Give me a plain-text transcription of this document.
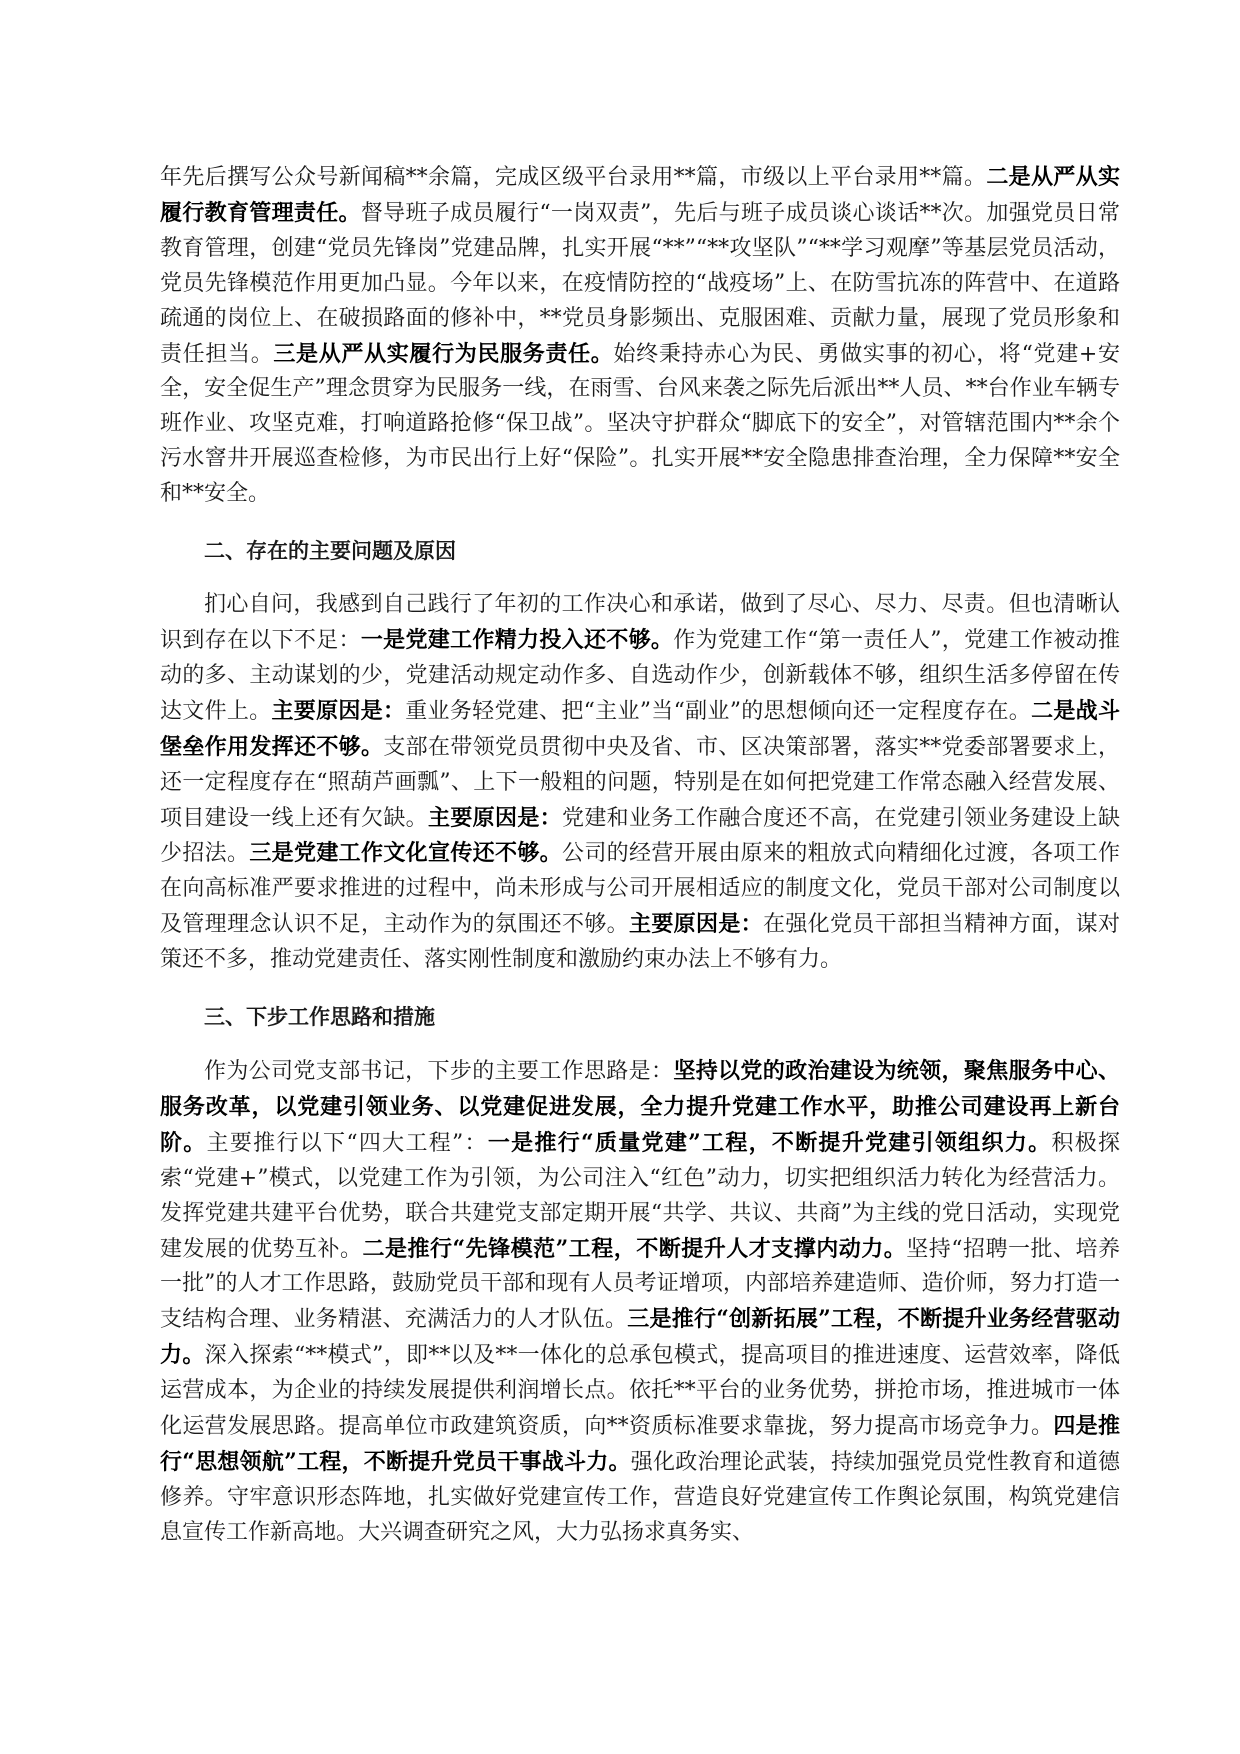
年先后撰写公众号新闻稿**余篇，完成区级平台录用**篇，市级以上平台录用**篇。二是从严从实履行教育管理责任。督导班子成员履行“一岗双责”，先后与班子成员谈心谈话**次。加强党员日常教育管理，创建“党员先锋岗”党建品牌，扎实开展“**”“**攻坚队”“**学习观摩”等基层党员活动，党员先锋模范作用更加凸显。今年以来，在疫情防控的“战疫场”上、在防雪抗冻的阵营中、在道路疏通的岗位上、在破损路面的修补中，**党员身影频出、克服困难、贡献力量，展现了党员形象和责任担当。三是从严从实履行为民服务责任。始终秉持赤心为民、勇做实事的初心，将“党建+安全，安全促生产”理念贯穿为民服务一线，在雨雪、台风来袭之际先后派出**人员、**台作业车辆专班作业、攻坚克难，打响道路抢修“保卫战”。坚决守护群众“脚底下的安全”，对管辖范围内**余个污水窨井开展巡查检修，为市民出行上好“保险”。扎实开展**安全隐患排查治理，全力保障**安全和**安全。

二、存在的主要问题及原因

扪心自问，我感到自己践行了年初的工作决心和承诺，做到了尽心、尽力、尽责。但也清晰认识到存在以下不足：一是党建工作精力投入还不够。作为党建工作“第一责任人”，党建工作被动推动的多、主动谋划的少，党建活动规定动作多、自选动作少，创新载体不够，组织生活多停留在传达文件上。主要原因是：重业务轻党建、把“主业”当“副业”的思想倾向还一定程度存在。二是战斗堡垒作用发挥还不够。支部在带领党员贯彻中央及省、市、区决策部署，落实**党委部署要求上，还一定程度存在“照葫芦画瓢”、上下一般粗的问题，特别是在如何把党建工作常态融入经营发展、项目建设一线上还有欠缺。主要原因是：党建和业务工作融合度还不高，在党建引领业务建设上缺少招法。三是党建工作文化宣传还不够。公司的经营开展由原来的粗放式向精细化过渡，各项工作在向高标准严要求推进的过程中，尚未形成与公司开展相适应的制度文化，党员干部对公司制度以及管理理念认识不足，主动作为的氛围还不够。主要原因是：在强化党员干部担当精神方面，谋对策还不多，推动党建责任、落实刚性制度和激励约束办法上不够有力。

三、下步工作思路和措施

作为公司党支部书记，下步的主要工作思路是：坚持以党的政治建设为统领，聚焦服务中心、服务改革，以党建引领业务、以党建促进发展，全力提升党建工作水平，助推公司建设再上新台阶。主要推行以下“四大工程”：一是推行“质量党建”工程，不断提升党建引领组织力。积极探索“党建+”模式，以党建工作为引领，为公司注入“红色”动力，切实把组织活力转化为经营活力。发挥党建共建平台优势，联合共建党支部定期开展“共学、共议、共商”为主线的党日活动，实现党建发展的优势互补。二是推行“先锋模范”工程，不断提升人才支撑内动力。坚持“招聘一批、培养一批”的人才工作思路，鼓励党员干部和现有人员考证增项，内部培养建造师、造价师，努力打造一支结构合理、业务精湛、充满活力的人才队伍。三是推行“创新拓展”工程，不断提升业务经营驱动力。深入探索“**模式”，即**以及**一体化的总承包模式，提高项目的推进速度、运营效率，降低运营成本，为企业的持续发展提供利润增长点。依托**平台的业务优势，拼抢市场，推进城市一体化运营发展思路。提高单位市政建筑资质，向**资质标准要求靠拢，努力提高市场竞争力。四是推行“思想领航”工程，不断提升党员干事战斗力。强化政治理论武装，持续加强党员党性教育和道德修养。守牢意识形态阵地，扎实做好党建宣传工作，营造良好党建宣传工作舆论氛围，构筑党建信息宣传工作新高地。大兴调查研究之风，大力弘扬求真务实、
